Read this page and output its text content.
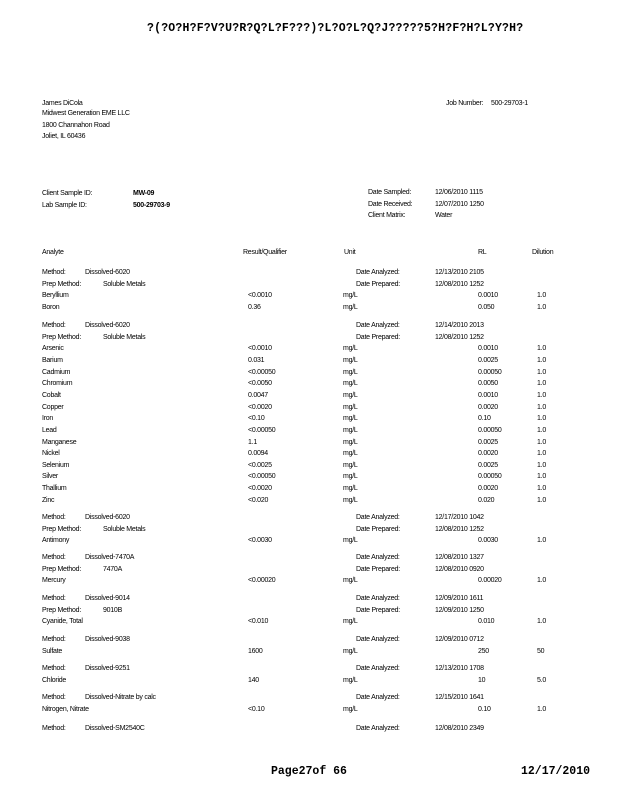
?(?O?H?F?V?U?R?Q?L?F???)?L?O?L?Q?J?????5?H?F?H?L?Y?H?
James DiCola
Midwest Generation EME LLC
1800 Channahon Road
Joliet, IL 60436
Job Number: 500-29703-1
Client Sample ID:	MW-09
Lab Sample ID:	500-29703-9
Date Sampled:	12/06/2010 1115
Date Received:	12/07/2010 1250
Client Matrix:	Water
Analyte	Result/Qualifier	Unit	RL	Dilution
Method:	Dissolved-6020	Date Analyzed:	12/13/2010 2105
Prep Method:	Soluble Metals	Date Prepared:	12/08/2010 1252
Beryllium	<0.0010	mg/L	0.0010	1.0
Boron	0.36	mg/L	0.050	1.0
Method:	Dissolved-6020	Date Analyzed:	12/14/2010 2013
Prep Method:	Soluble Metals	Date Prepared:	12/08/2010 1252
Arsenic	<0.0010	mg/L	0.0010	1.0
Barium	0.031	mg/L	0.0025	1.0
Cadmium	<0.00050	mg/L	0.00050	1.0
Chromium	<0.0050	mg/L	0.0050	1.0
Cobalt	0.0047	mg/L	0.0010	1.0
Copper	<0.0020	mg/L	0.0020	1.0
Iron	<0.10	mg/L	0.10	1.0
Lead	<0.00050	mg/L	0.00050	1.0
Manganese	1.1	mg/L	0.0025	1.0
Nickel	0.0094	mg/L	0.0020	1.0
Selenium	<0.0025	mg/L	0.0025	1.0
Silver	<0.00050	mg/L	0.00050	1.0
Thallium	<0.0020	mg/L	0.0020	1.0
Zinc	<0.020	mg/L	0.020	1.0
Method:	Dissolved-6020	Date Analyzed:	12/17/2010 1042
Prep Method:	Soluble Metals	Date Prepared:	12/08/2010 1252
Antimony	<0.0030	mg/L	0.0030	1.0
Method:	Dissolved-7470A	Date Analyzed:	12/08/2010 1327
Prep Method:	7470A	Date Prepared:	12/08/2010 0920
Mercury	<0.00020	mg/L	0.00020	1.0
Method:	Dissolved-9014	Date Analyzed:	12/09/2010 1611
Prep Method:	9010B	Date Prepared:	12/09/2010 1250
Cyanide, Total	<0.010	mg/L	0.010	1.0
Method:	Dissolved-9038	Date Analyzed:	12/09/2010 0712
Sulfate	1600	mg/L	250	50
Method:	Dissolved-9251	Date Analyzed:	12/13/2010 1708
Chloride	140	mg/L	10	5.0
Method:	Dissolved-Nitrate by calc	Date Analyzed:	12/15/2010 1641
Nitrogen, Nitrate	<0.10	mg/L	0.10	1.0
Method:	Dissolved-SM2540C	Date Analyzed:	12/08/2010 2349
Page27of 66	12/17/2010
